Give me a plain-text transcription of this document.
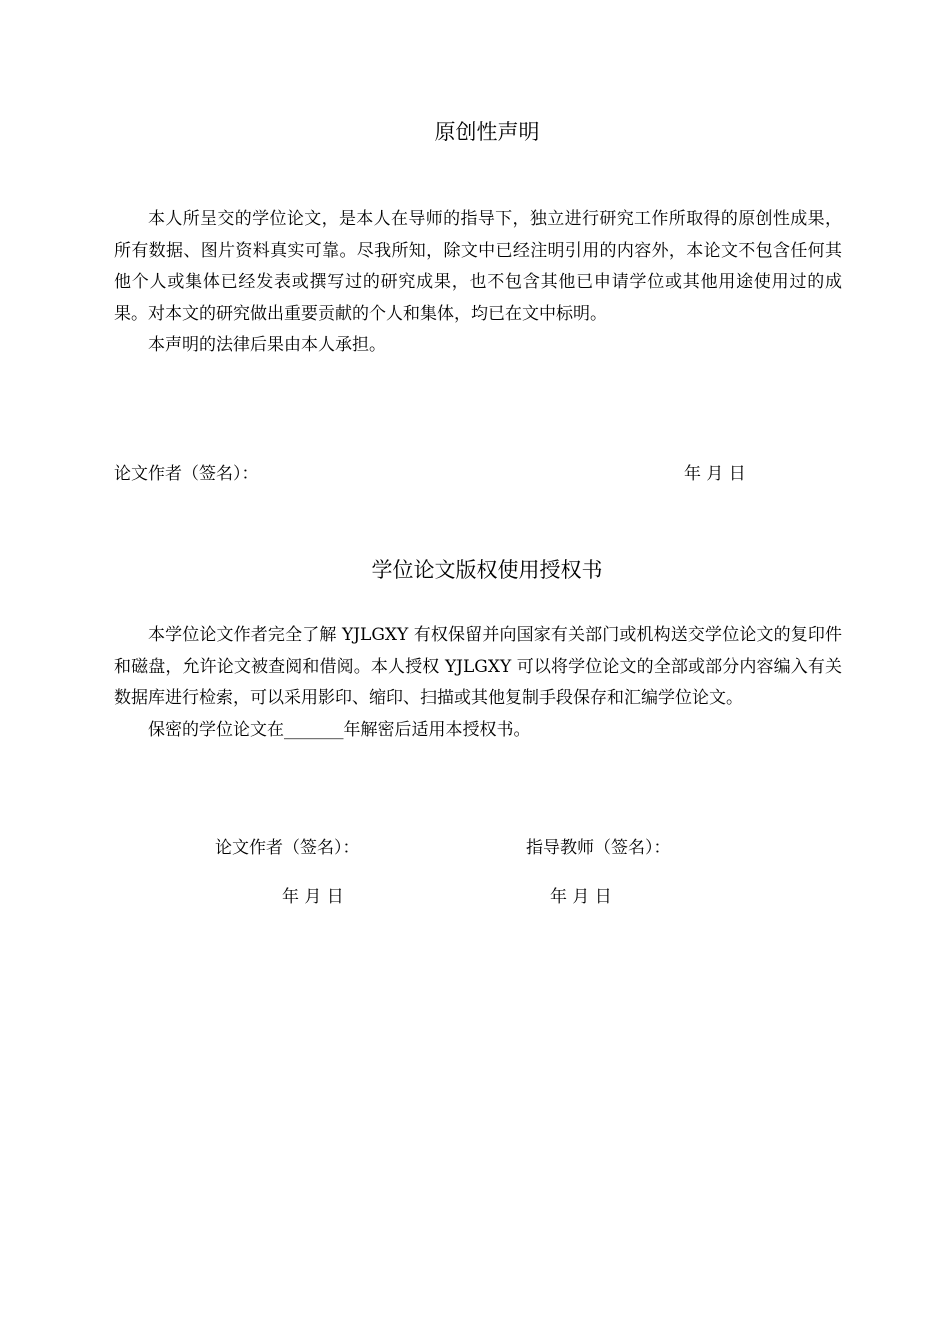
原创性声明

本人所呈交的学位论文，是本人在导师的指导下，独立进行研究工作所取得的原创性成果，所有数据、图片资料真实可靠。尽我所知，除文中已经注明引用的内容外，本论文不包含任何其他个人或集体已经发表或撰写过的研究成果，也不包含其他已申请学位或其他用途使用过的成果。对本文的研究做出重要贡献的个人和集体，均已在文中标明。

本声明的法律后果由本人承担。

论文作者（签名）：	年 月 日
学位论文版权使用授权书

本学位论文作者完全了解 YJLGXY 有权保留并向国家有关部门或机构送交学位论文的复印件和磁盘，允许论文被查阅和借阅。本人授权 YJLGXY 可以将学位论文的全部或部分内容编入有关数据库进行检索，可以采用影印、缩印、扫描或其他复制手段保存和汇编学位论文。

保密的学位论文在_______年解密后适用本授权书。

论文作者（签名）：	指导教师（签名）：
年 月 日	年 月 日
